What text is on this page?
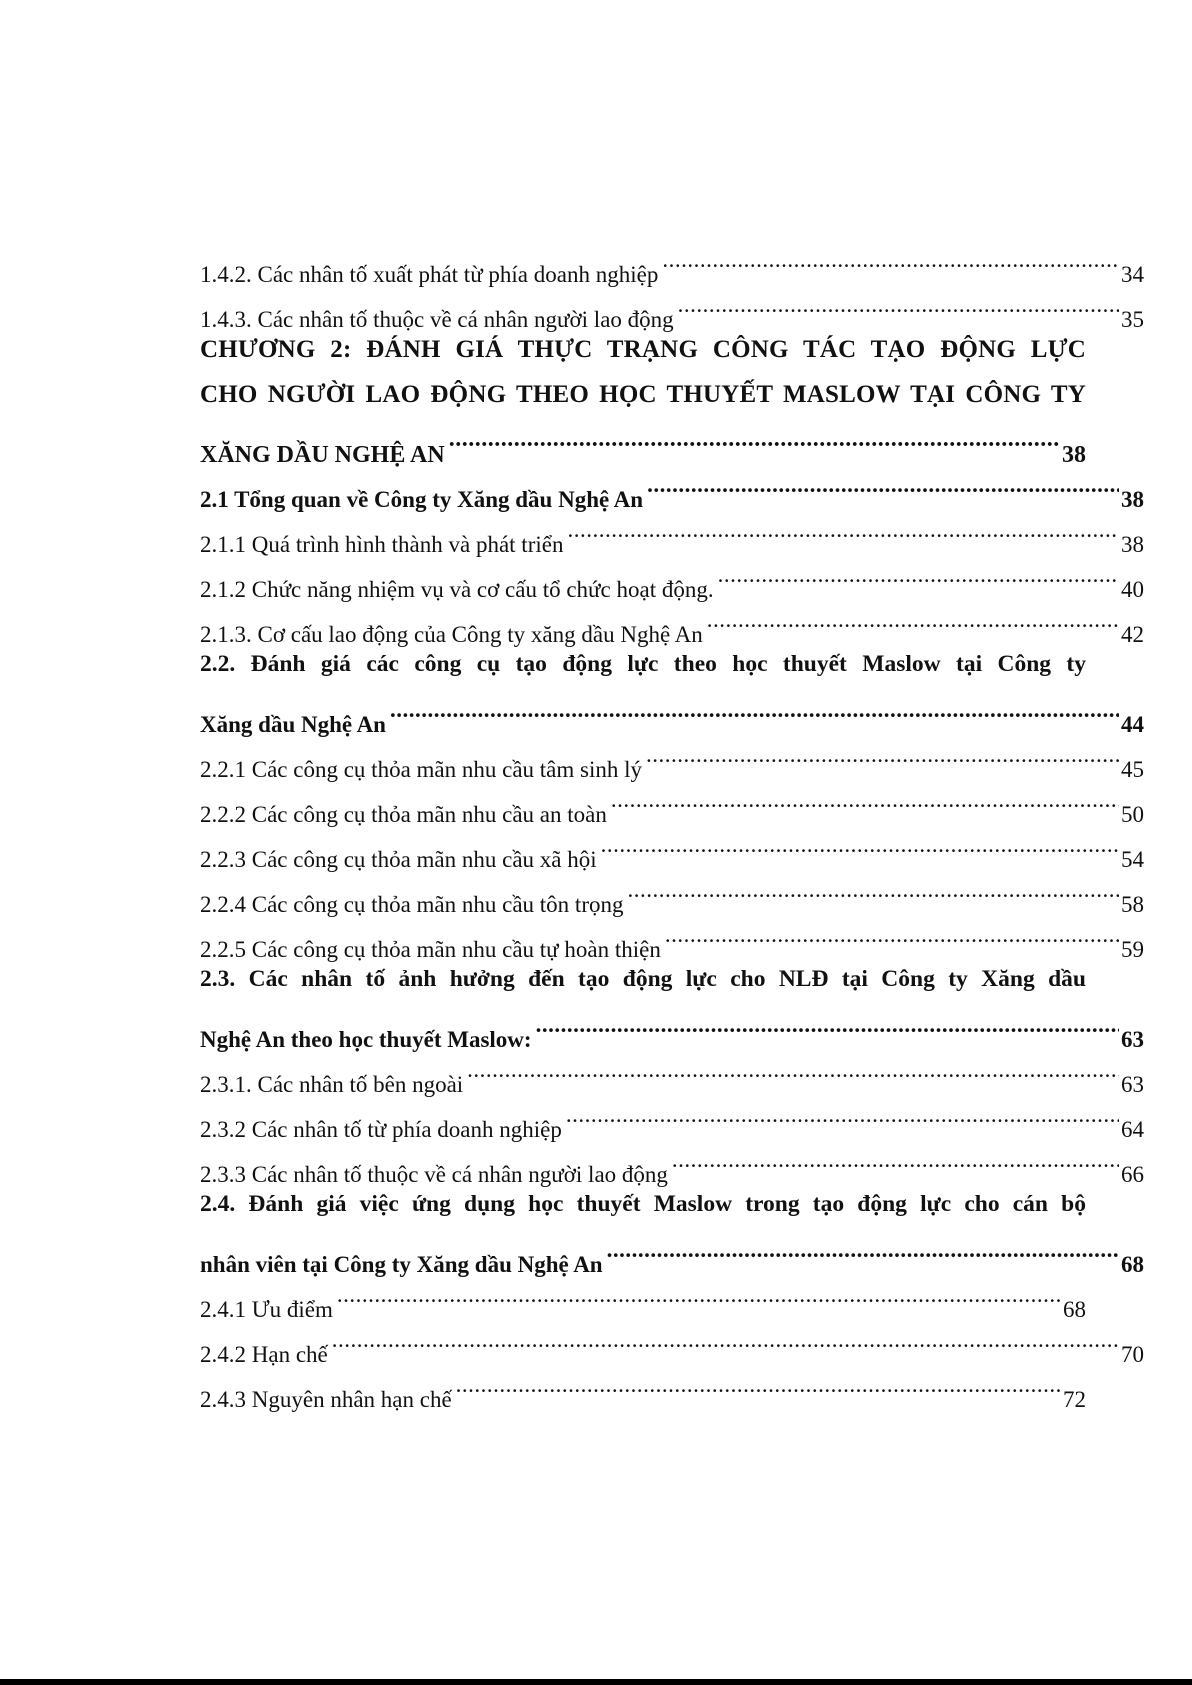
1.4.2. Các nhân tố xuất phát từ phía doanh nghiệp .....	34
1.4.3. Các nhân tố thuộc về cá nhân người lao động .....	35
CHƯƠNG 2: ĐÁNH GIÁ THỰC TRẠNG CÔNG TÁC TẠO ĐỘNG LỰC
CHO NGƯỜI LAO ĐỘNG THEO HỌC THUYẾT MASLOW TẠI CÔNG TY
XĂNG DẦU NGHỆ AN .....	38
2.1 Tổng quan về Công ty Xăng dầu Nghệ An .....	38
2.1.1 Quá trình hình thành và phát triển .....	38
2.1.2 Chức năng nhiệm vụ và cơ cấu tổ chức hoạt động. .....	40
2.1.3. Cơ cấu lao động của Công ty xăng dầu Nghệ An .....	42
2.2. Đánh giá các công cụ tạo động lực theo học thuyết Maslow tại Công ty
Xăng dầu Nghệ An .....	44
2.2.1 Các công cụ thỏa mãn nhu cầu tâm sinh lý .....	45
2.2.2 Các công cụ thỏa mãn nhu cầu an toàn .....	50
2.2.3 Các công cụ thỏa mãn nhu cầu xã hội .....	54
2.2.4 Các công cụ thỏa mãn nhu cầu tôn trọng .....	58
2.2.5 Các công cụ thỏa mãn nhu cầu tự hoàn thiện .....	59
2.3. Các nhân tố ảnh hưởng đến tạo động lực cho NLĐ tại Công ty Xăng dầu
Nghệ An theo học thuyết Maslow: .....	63
2.3.1. Các nhân tố bên ngoài .....	63
2.3.2 Các nhân tố từ phía doanh nghiệp .....	64
2.3.3 Các nhân tố thuộc về cá nhân người lao động .....	66
2.4. Đánh giá việc ứng dụng học thuyết Maslow trong tạo động lực cho cán bộ
nhân viên tại Công ty Xăng dầu Nghệ An .....	68
2.4.1 Ưu điểm .....	68
2.4.2 Hạn chế .....	70
2.4.3 Nguyên nhân hạn chế .....	72
